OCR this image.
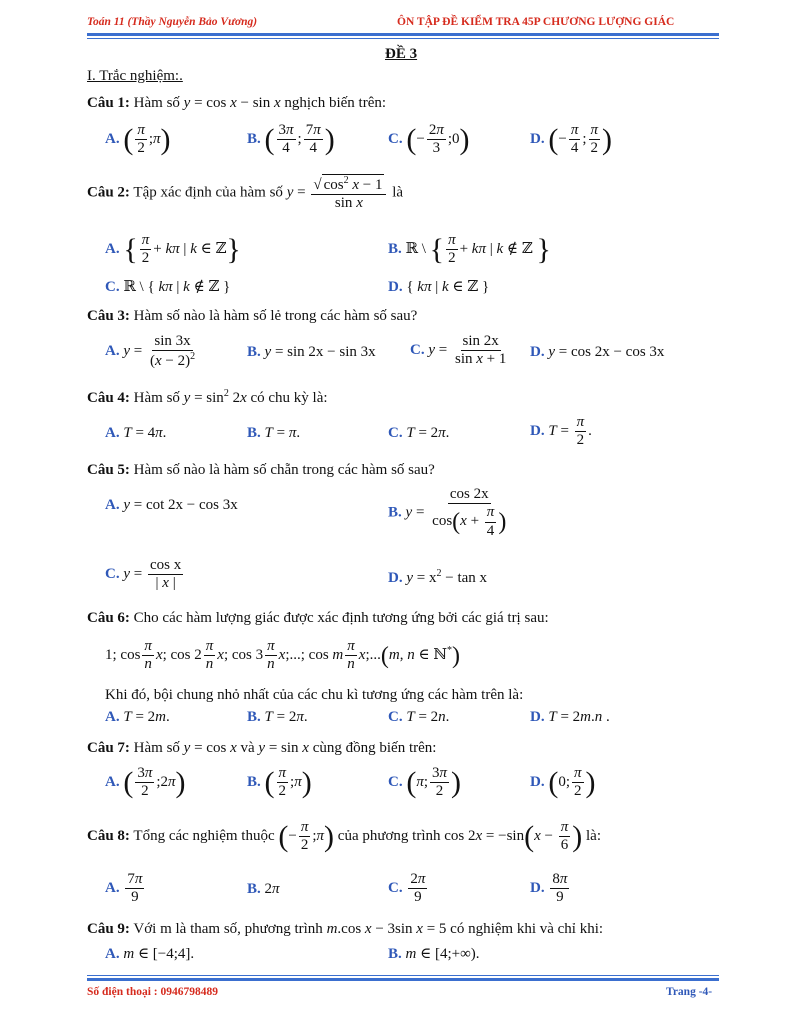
Toán 11 (Thầy Nguyễn Bảo Vương)	ÔN TẬP ĐỀ KIỂM TRA 45P CHƯƠNG LƯỢNG GIÁC
ĐỀ 3
I. Trắc nghiệm:.
Câu 1: Hàm số y = cos x − sin x nghịch biến trên:
A. ( $\frac{\pi}{2}$ ;π)	B. ( $\frac{3\pi}{4}$ ; $\frac{7\pi}{4}$ )	C. (− $\frac{2\pi}{3}$ ;0)	D. (− $\frac{\pi}{4}$ ; $\frac{\pi}{2}$ )
Câu 2: Tập xác định của hàm số $y = \frac{√ \cos^2 x - 1}{\text{sin x}}$ là
A. { $\frac{\pi}{2} + k\pi$ | k ∈ ℤ}	B. ℝ \ { $\frac{\pi}{2} + k\pi$ | k ∉ ℤ }
C. ℝ \ { kπ | k ∉ ℤ }	D. { kπ | k ∈ ℤ }
Câu 3: Hàm số nào là hàm số lẻ trong các hàm số sau?
A. $y = \frac{\sin 3x}{(x - 2)^2}$	B. y = sin 2x − sin 3x C. $y = \frac{\sin 2x}{\text{sin x + 1}} D$. y = cos 2x − cos 3x
Câu 4: Hàm số $y = \sin^2 2x$ có chu kỳ là:
A. T = 4π.	B. T = π.	C. T = 2π.	D. $T = \frac{\pi}{2}$ .
Câu 5: Hàm số nào là hàm số chẵn trong các hàm số sau?
A. y = cot 2x − cos 3x	B. $y = \frac{\cos 2x}{\cos(x + \frac{\pi}{4} )}$
C. $y = \frac{\text{cos x}}{| x |}$	D. $y = x^2 - \tan x$
Câu 6: Cho các hàm lượng giác được xác định tương ứng bởi các giá trị sau:
1; $\cos \frac{\pi}{n} x$; $\cos 2 \frac{\pi}{n} x$; $\cos 3 \frac{\pi}{n} x$;...; cos m $\frac{\pi}{n}$ x;...(m, n ∈ ℕ*)
Khi đó, bội chung nhỏ nhất của các chu kì tương ứng các hàm trên là:
A. T = 2m.	B. T = 2π.	C. T = 2n.	D. T = 2m.n .
Câu 7: Hàm số y = cos x và y = sin x cùng đồng biến trên:
A. ( $\frac{3\pi}{2}$ ;2π)	B. ( $\frac{\pi}{2}$ ;π)	C. (π; $\frac{3\pi}{2}$ )	D. (0; $\frac{\pi}{2}$ )
Câu 8: Tổng các nghiệm thuộc (− $\frac{\pi}{2}$ ;π) của phương trình $\cos 2x = -\sin(x - \frac{\pi}{6}$ ) là:
A. $\frac{7\pi}{9}$	B. 2π	C. $\frac{2\pi}{9}$	D. $\frac{8\pi}{9}$
Câu 9: Với m là tham số, phương trình m.cos x − 3sin x = 5 có nghiệm khi và chỉ khi:
A. m ∈ [−4;4].	B. m ∈ [4;+∞).
Số điện thoại : 0946798489	Trang -4-
